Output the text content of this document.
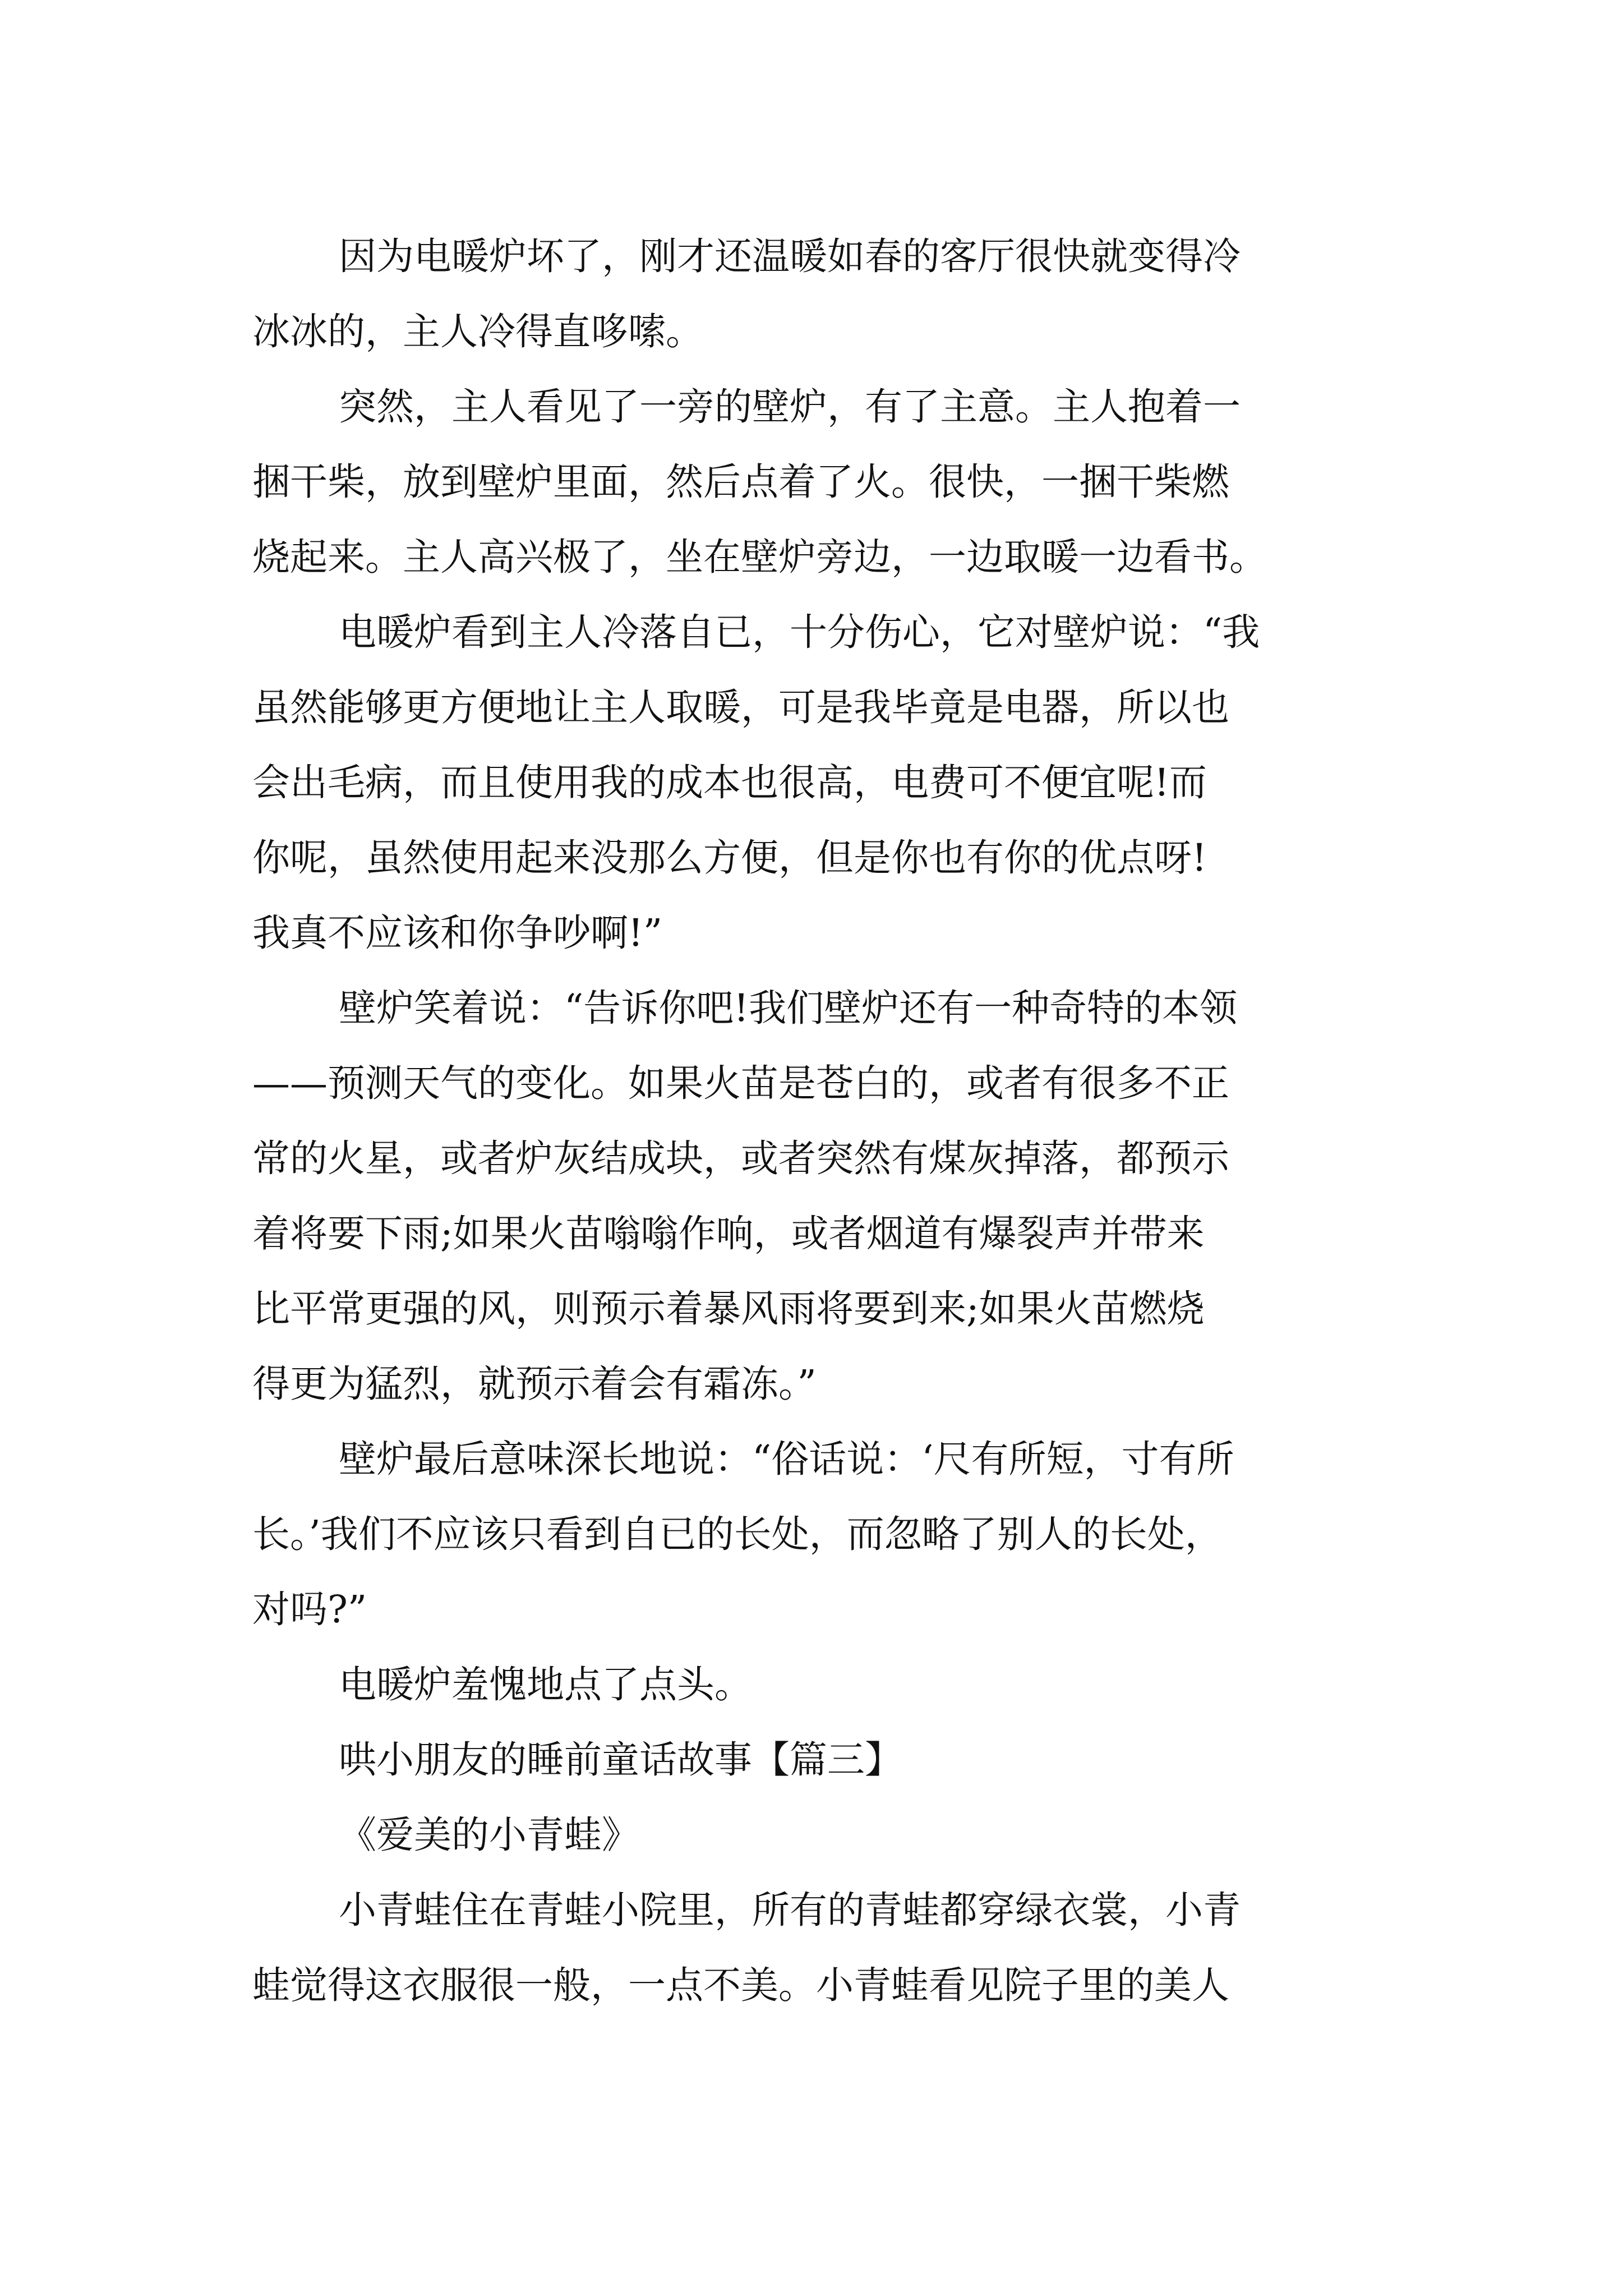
因为电暖炉坏了，刚才还温暖如春的客厅很快就变得冷
冰冰的，主人冷得直哆嗦。
突然，主人看见了一旁的壁炉，有了主意。主人抱着一
捆干柴，放到壁炉里面，然后点着了火。很快，一捆干柴燃
烧起来。主人高兴极了，坐在壁炉旁边，一边取暖一边看书。
电暖炉看到主人冷落自已，十分伤心，它对壁炉说：“我
虽然能够更方便地让主人取暖，可是我毕竟是电器，所以也
会出毛病，而且使用我的成本也很高，电费可不便宜呢!而
你呢，虽然使用起来没那么方便，但是你也有你的优点呀!
我真不应该和你争吵啊!”
壁炉笑着说：“告诉你吧!我们壁炉还有一种奇特的本领
——预测天气的变化。如果火苗是苍白的，或者有很多不正
常的火星，或者炉灰结成块，或者突然有煤灰掉落，都预示
着将要下雨;如果火苗嗡嗡作响，或者烟道有爆裂声并带来
比平常更强的风，则预示着暴风雨将要到来;如果火苗燃烧
得更为猛烈，就预示着会有霜冻。”
壁炉最后意味深长地说：“俗话说：‘尺有所短，寸有所
长。’我们不应该只看到自已的长处，而忽略了别人的长处，
对吗?”
电暖炉羞愧地点了点头。
哄小朋友的睡前童话故事【篇三】
《爱美的小青蛙》
小青蛙住在青蛙小院里，所有的青蛙都穿绿衣裳，小青
蛙觉得这衣服很一般，一点不美。小青蛙看见院子里的美人
